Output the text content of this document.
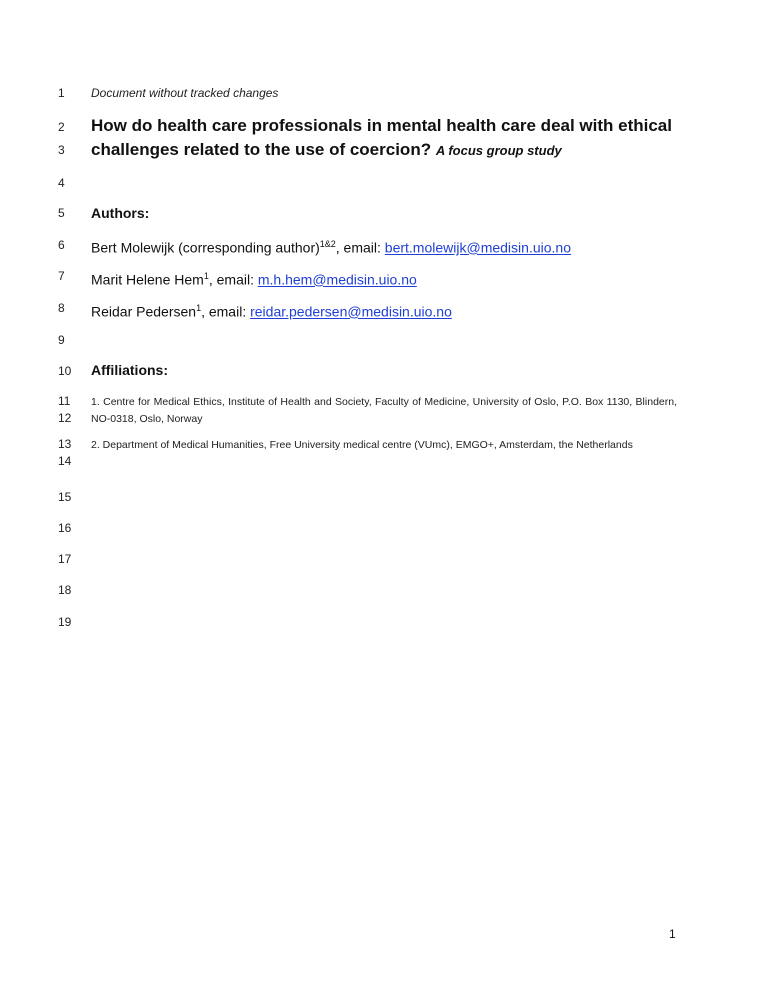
1
2
3
4
5
6
7
8
9
10
11
12
13
14
15
16
17
18
19
Document without tracked changes
How do health care professionals in mental health care deal with ethical
challenges related to the use of coercion? A focus group study
Authors:
Bert Molewijk (corresponding author)$^{1\&2}$, email: bert.molewijk@medisin.uio.no
Marit Helene Hem$^1$, email: m.h.hem@medisin.uio.no
Reidar Pedersen$^1$, email: reidar.pedersen@medisin.uio.no
Affiliations:
1. Centre for Medical Ethics, Institute of Health and Society, Faculty of Medicine, University of Oslo, P.O. Box 1130, Blindern, NO-0318, Oslo, Norway
2. Department of Medical Humanities, Free University medical centre (VUmc), EMGO+, Amsterdam, the Netherlands
1
